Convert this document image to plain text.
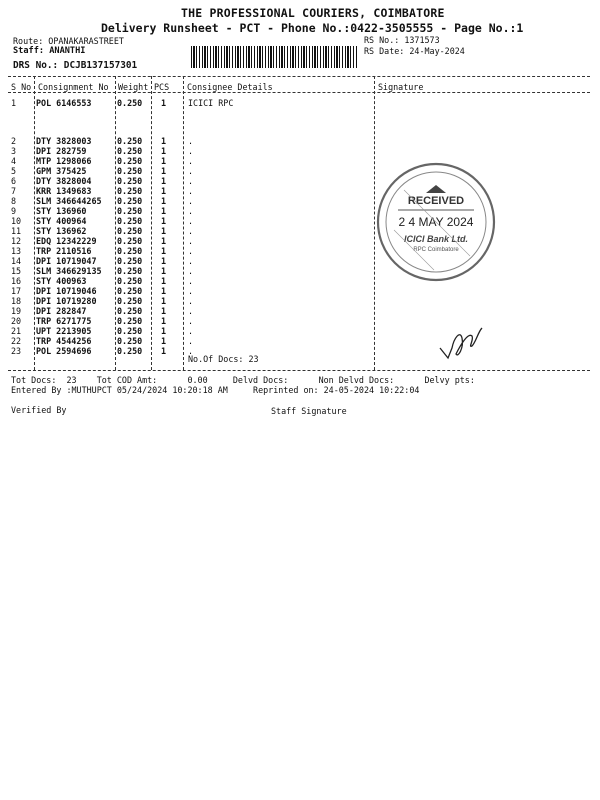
THE PROFESSIONAL COURIERS, COIMBATORE
Delivery Runsheet - PCT - Phone No.:0422-3505555 - Page No.:1
Route: OPANAKARASTREET
Staff: ANANTHI
DRS No.: DCJB137157301
RS No.: 1371573
RS Date: 24-May-2024
S No Consignment No Weight PCS Consignee Details	Signature
1 POL 6146553	0.250 1	ICICI RPC
2 DTY 3828003	0.250 1	.
3 DPI 282759	0.250 1	.
4 MTP 1298066	0.250 1	.
5 GPM 375425	0.250 1	.
6 DTY 3828004	0.250 1	.
7 KRR 1349683	0.250 1	.
8 SLM 346644265 0.250 1	.
9 STY 136960	0.250 1	.
10 STY 400964	0.250 1	.
11 STY 136962	0.250 1	.
12 EDQ 12342229 0.250 1	.
13 TRP 2110516	0.250 1	.
14 DPI 10719047 0.250 1	.
15 SLM 346629135 0.250 1	.
16 STY 400963	0.250 1	.
17 DPI 10719046 0.250 1	.
18 DPI 10719280 0.250 1	.
19 DPI 282847	0.250 1	.
20 TRP 6271775	0.250 1	.
21 UPT 2213905	0.250 1	.
22 TRP 4544256	0.250 1	.
23 POL 2594696	0.250 1	.
No.Of Docs: 23
RECEIVED
2 4 MAY 2024
ICICI Bank Ltd.
RPC Coimbatore
Tot Docs:  23    Tot COD Amt:      0.00     Delvd Docs:      Non Delvd Docs:      Delvy pts:
Entered By :MUTHUPCT 05/24/2024 10:20:18 AM     Reprinted on: 24-05-2024 10:22:04
Verified By	Staff Signature
